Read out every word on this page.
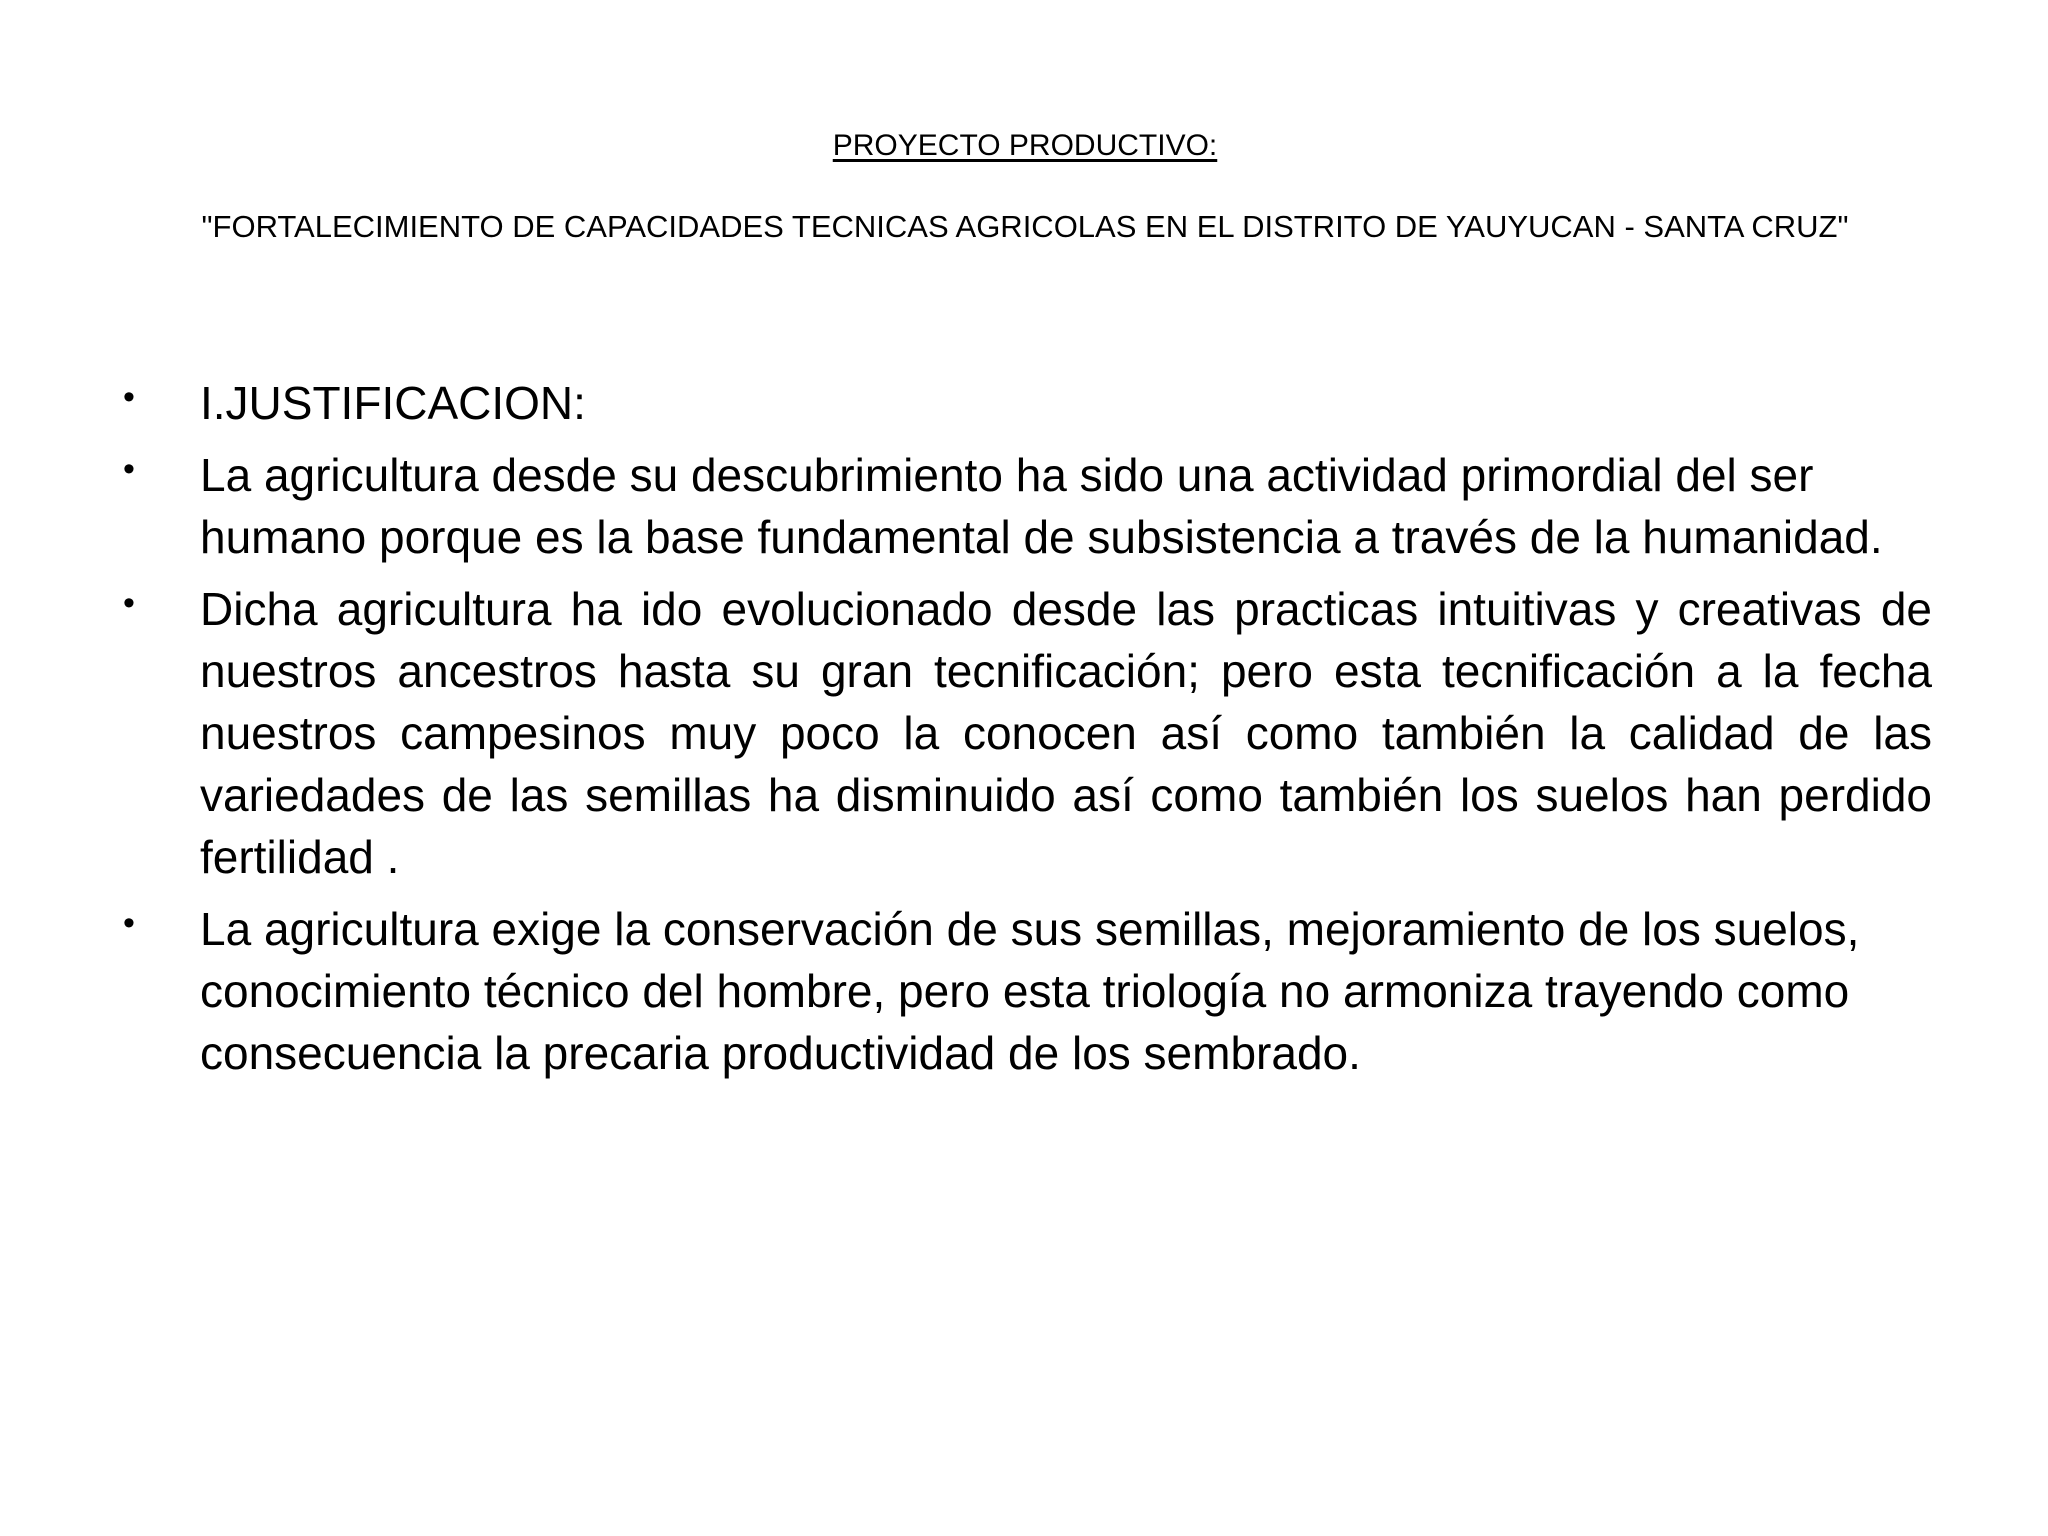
PROYECTO PRODUCTIVO:

"FORTALECIMIENTO DE CAPACIDADES TECNICAS AGRICOLAS EN EL DISTRITO DE YAUYUCAN - SANTA CRUZ"

• I.JUSTIFICACION:
• La agricultura desde su descubrimiento ha sido una actividad primordial del ser humano porque es la base fundamental de subsistencia a través de la humanidad.
• Dicha agricultura ha ido evolucionado desde las practicas intuitivas y creativas de nuestros ancestros hasta su gran tecnificación; pero esta tecnificación a la fecha nuestros campesinos muy poco la conocen así como también la calidad de las variedades de las semillas ha disminuido así como también los suelos han perdido fertilidad .
• La agricultura exige la conservación de sus semillas, mejoramiento de los suelos, conocimiento técnico del hombre, pero esta triología no armoniza trayendo como consecuencia la precaria productividad de los sembrado.
